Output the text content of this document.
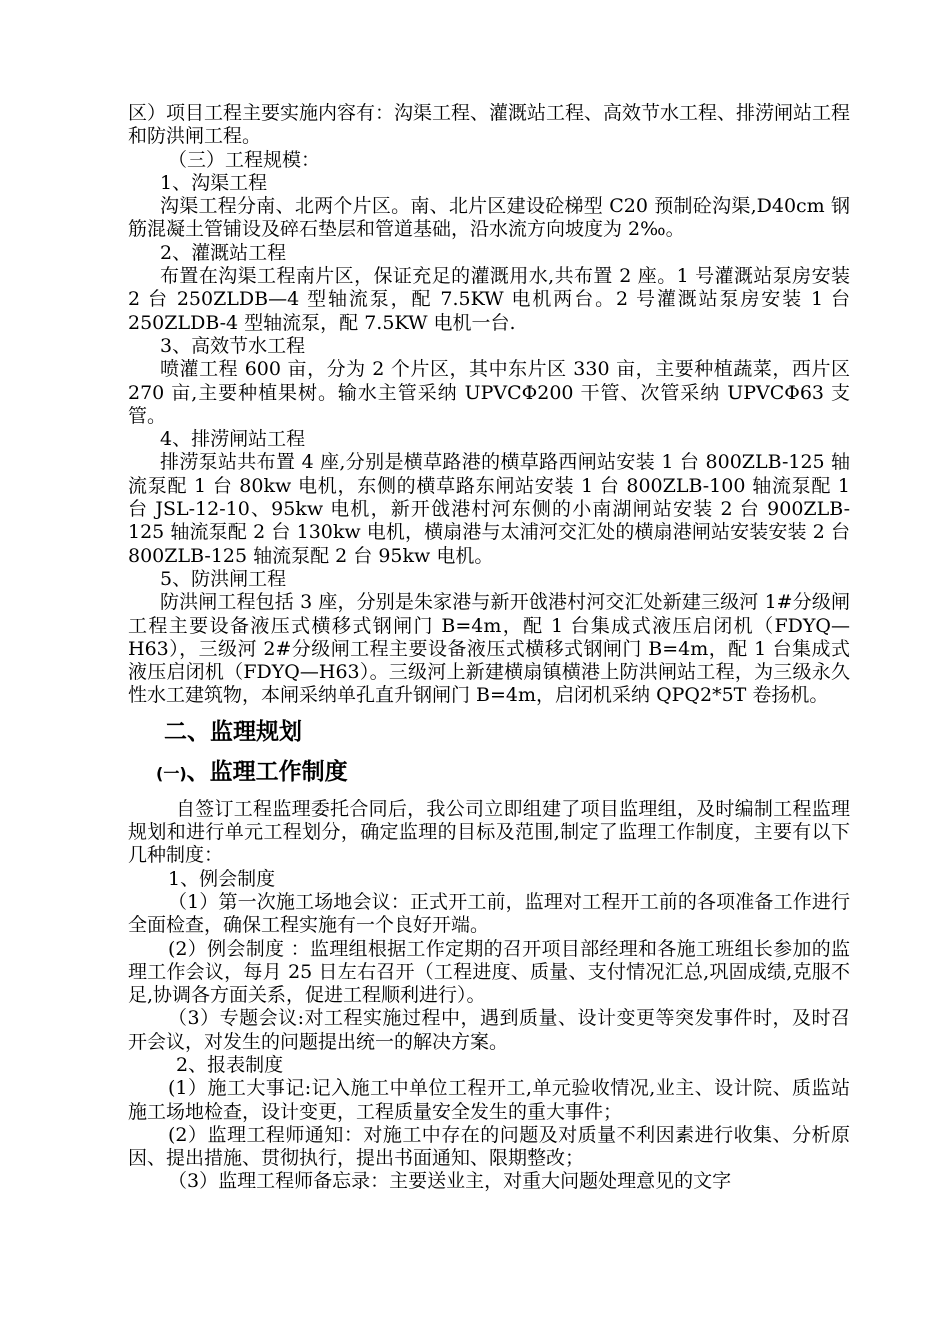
区）项目工程主要实施内容有：沟渠工程、灌溉站工程、高效节水工程、排涝闸站工程和防洪闸工程。

（三）工程规模：

1、沟渠工程

沟渠工程分南、北两个片区。南、北片区建设砼梯型 C20 预制砼沟渠,D40cm 钢筋混凝土管铺设及碎石垫层和管道基础，沿水流方向坡度为 2‰。

2、灌溉站工程

布置在沟渠工程南片区，保证充足的灌溉用水,共布置 2 座。1 号灌溉站泵房安装 2 台 250ZLDB—4 型轴流泵，配 7.5KW 电机两台。2 号灌溉站泵房安装 1 台 250ZLDB-4 型轴流泵，配 7.5KW 电机一台.

3、高效节水工程

喷灌工程 600 亩，分为 2 个片区，其中东片区 330 亩，主要种植蔬菜，西片区 270 亩,主要种植果树。输水主管采纳 UPVCΦ200 干管、次管采纳 UPVCΦ63 支管。

4、排涝闸站工程

排涝泵站共布置 4 座,分别是横草路港的横草路西闸站安装 1 台 800ZLB-125 轴流泵配 1 台 80kw 电机，东侧的横草路东闸站安装 1 台 800ZLB-100 轴流泵配 1 台 JSL-12-10、95kw 电机，新开戗港村河东侧的小南湖闸站安装 2 台 900ZLB-125 轴流泵配 2 台 130kw 电机，横扇港与太浦河交汇处的横扇港闸站安装安装 2 台 800ZLB-125 轴流泵配 2 台 95kw 电机。

5、防洪闸工程

防洪闸工程包括 3 座，分别是朱家港与新开戗港村河交汇处新建三级河 1#分级闸工程主要设备液压式横移式钢闸门 B=4m，配 1 台集成式液压启闭机（FDYQ—H63），三级河 2#分级闸工程主要设备液压式横移式钢闸门 B=4m，配 1 台集成式液压启闭机（FDYQ—H63）。三级河上新建横扇镇横港上防洪闸站工程，为三级永久性水工建筑物，本闸采纳单孔直升钢闸门 B=4m，启闭机采纳 QPQ2*5T 卷扬机。

二、监理规划

(一)、监理工作制度

自签订工程监理委托合同后，我公司立即组建了项目监理组，及时编制工程监理规划和进行单元工程划分，确定监理的目标及范围,制定了监理工作制度，主要有以下几种制度：

1、例会制度

（1）第一次施工场地会议：正式开工前，监理对工程开工前的各项准备工作进行全面检查，确保工程实施有一个良好开端。

(2）例会制度 ：监理组根据工作定期的召开项目部经理和各施工班组长参加的监理工作会议，每月 25 日左右召开（工程进度、质量、支付情况汇总,巩固成绩,克服不足,协调各方面关系，促进工程顺利进行）。

（3）专题会议:对工程实施过程中，遇到质量、设计变更等突发事件时，及时召开会议，对发生的问题提出统一的解决方案。

2、报表制度

(1）施工大事记:记入施工中单位工程开工,单元验收情况,业主、设计院、质监站施工场地检查，设计变更，工程质量安全发生的重大事件；

(2）监理工程师通知：对施工中存在的问题及对质量不利因素进行收集、分析原因、提出措施、贯彻执行，提出书面通知、限期整改；

（3）监理工程师备忘录：主要送业主，对重大问题处理意见的文字
